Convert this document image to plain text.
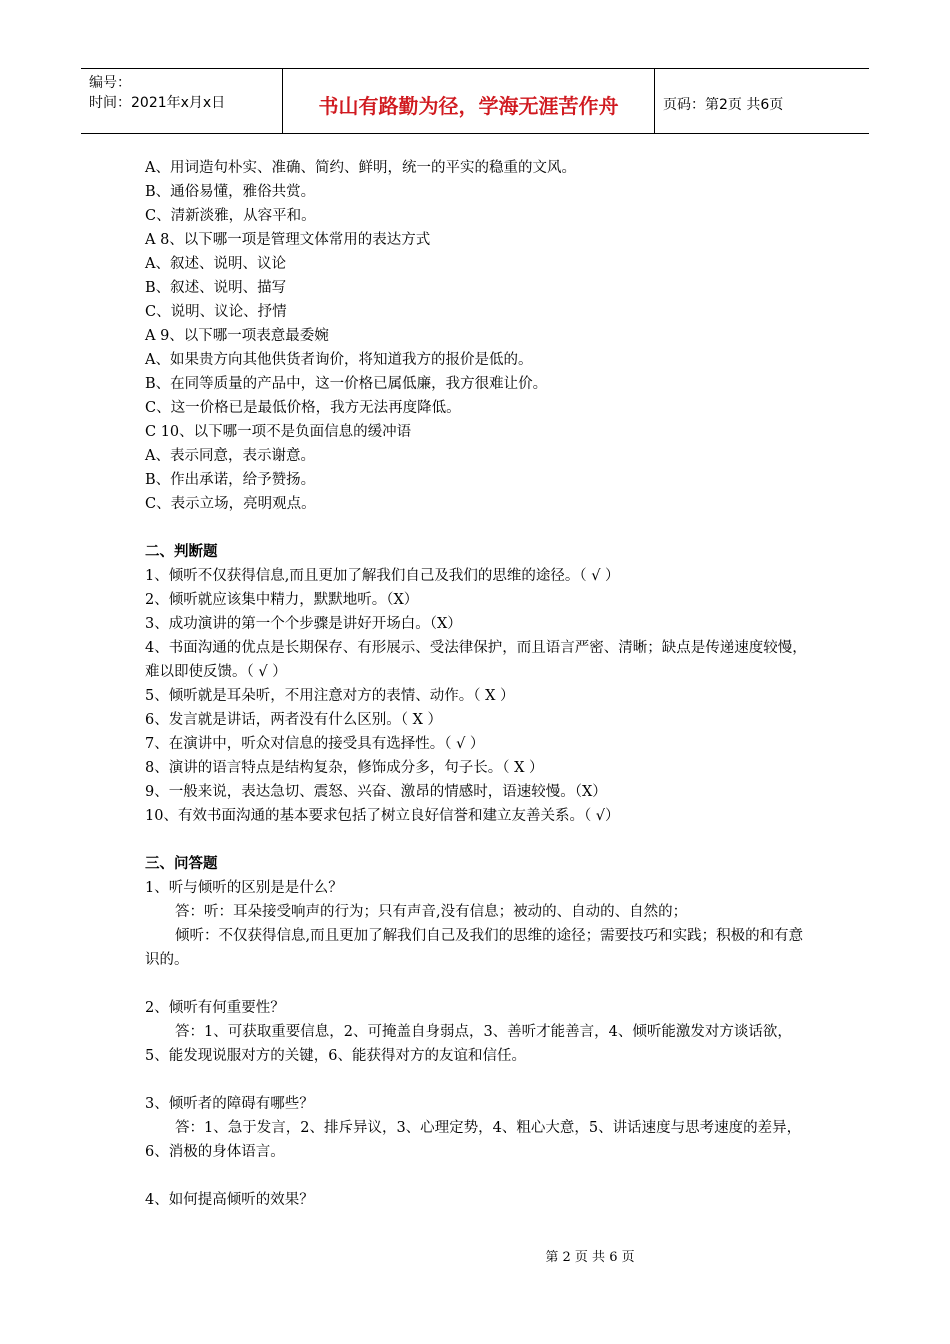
编号：
时间：2021年x月x日	书山有路勤为径，学海无涯苦作舟	页码：第2页 共6页
A、用词造句朴实、准确、简约、鲜明，统一的平实的稳重的文风。
B、通俗易懂，雅俗共赏。
C、清新淡雅，从容平和。
A 8、以下哪一项是管理文体常用的表达方式
A、叙述、说明、议论
B、叙述、说明、描写
C、说明、议论、抒情
A 9、以下哪一项表意最委婉
A、如果贵方向其他供货者询价，将知道我方的报价是低的。
B、在同等质量的产品中，这一价格已属低廉，我方很难让价。
C、这一价格已是最低价格，我方无法再度降低。
C 10、以下哪一项不是负面信息的缓冲语
A、表示同意，表示谢意。
B、作出承诺，给予赞扬。
C、表示立场，亮明观点。
二、判断题
1、倾听不仅获得信息,而且更加了解我们自己及我们的思维的途径。（ √ ）
2、倾听就应该集中精力，默默地听。（X）
3、成功演讲的第一个个步骤是讲好开场白。（X）
4、书面沟通的优点是长期保存、有形展示、受法律保护，而且语言严密、清晰；缺点是传递速度较慢，难以即使反馈。（ √ ）
5、倾听就是耳朵听，不用注意对方的表情、动作。（ X ）
6、发言就是讲话，两者没有什么区别。（ X ）
7、在演讲中，听众对信息的接受具有选择性。（ √ ）
8、演讲的语言特点是结构复杂，修饰成分多，句子长。（ X ）
9、一般来说，表达急切、震怒、兴奋、激昂的情感时，语速较慢。（X）
10、有效书面沟通的基本要求包括了树立良好信誉和建立友善关系。（ √）
三、问答题
1、听与倾听的区别是是什么？
答：听：耳朵接受响声的行为；只有声音,没有信息；被动的、自动的、自然的；
倾听：不仅获得信息,而且更加了解我们自己及我们的思维的途径；需要技巧和实践；积极的和有意识的。
2、倾听有何重要性？
答：1、可获取重要信息，2、可掩盖自身弱点，3、善听才能善言，4、倾听能激发对方谈话欲，5、能发现说服对方的关键，6、能获得对方的友谊和信任。
3、倾听者的障碍有哪些？
答：1、急于发言，2、排斥异议，3、心理定势，4、粗心大意，5、讲话速度与思考速度的差异，6、消极的身体语言。
4、如何提高倾听的效果？
第 2 页 共 6 页
